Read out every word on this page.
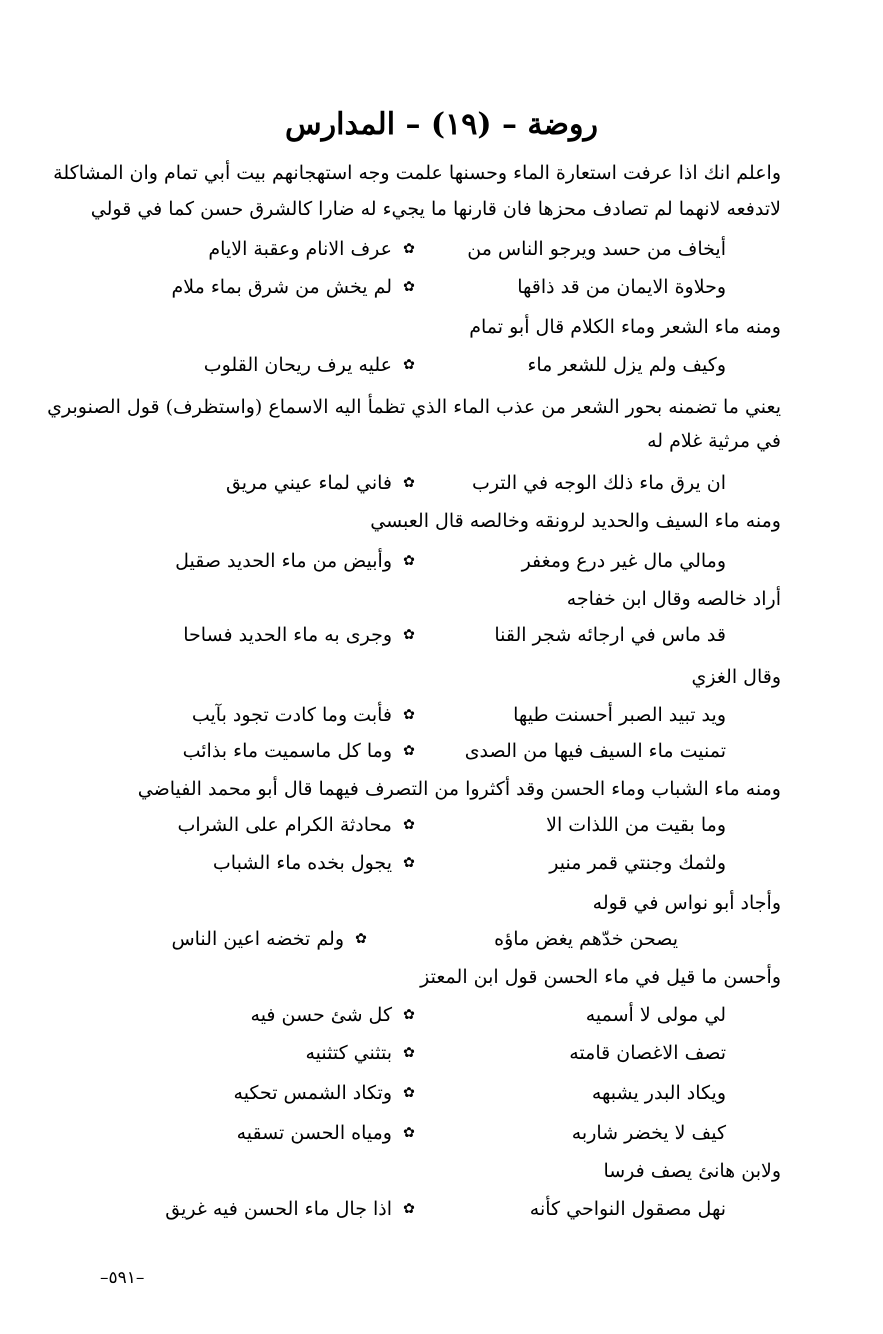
روضة – (١٩) – المدارس
واعلم انك اذا عرفت استعارة الماء وحسنها علمت وجه استهجانهم بيت أبي تمام وان المشاكلة
لاتدفعه لانهما لم تصادف محزها فان قارنها ما يجيء له ضارا كالشرق حسن كما في قولي
أيخاف من حسد ويرجو الناس من
✿
عرف الانام وعقبة الايام
وحلاوة الايمان من قد ذاقها
✿
لم يخش من شرق بماء ملام
ومنه ماء الشعر وماء الكلام قال أبو تمام
وكيف ولم يزل للشعر ماء
✿
عليه يرف ريحان القلوب
يعني ما تضمنه بحور الشعر من عذب الماء الذي تظمأ اليه الاسماع (واستظرف) قول الصنوبري
في مرثية غلام له
ان يرق ماء ذلك الوجه في الترب
✿
فاني لماء عيني مريق
ومنه ماء السيف والحديد لرونقه وخالصه قال العبسي
ومالي مال غير درع ومغفر
✿
وأبيض من ماء الحديد صقيل
أراد خالصه وقال ابن خفاجه
قد ماس في ارجائه شجر القنا
✿
وجرى به ماء الحديد فساحا
وقال الغزي
ويد تبيد الصبر أحسنت طيها
✿
فأبت وما كادت تجود بآيب
تمنيت ماء السيف فيها من الصدى
✿
وما كل ماسميت ماء بذائب
ومنه ماء الشباب وماء الحسن وقد أكثروا من التصرف فيهما قال أبو محمد الفياضي
وما بقيت من اللذات الا
✿
محادثة الكرام على الشراب
ولثمك وجنتي قمر منير
✿
يجول بخده ماء الشباب
وأجاد أبو نواس في قوله
يصحن خدّهم يغض ماؤه
✿
ولم تخضه اعين الناس
وأحسن ما قيل في ماء الحسن قول ابن المعتز
لي مولى لا أسميه
✿
كل شئ حسن فيه
تصف الاغصان قامته
✿
بتثني كتثنيه
ويكاد البدر يشبهه
✿
وتكاد الشمس تحكيه
كيف لا يخضر شاربه
✿
ومياه الحسن تسقيه
ولابن هانئ يصف فرسا
نهل مصقول النواحي كأنه
✿
اذا جال ماء الحسن فيه غريق
–٥٩١–
